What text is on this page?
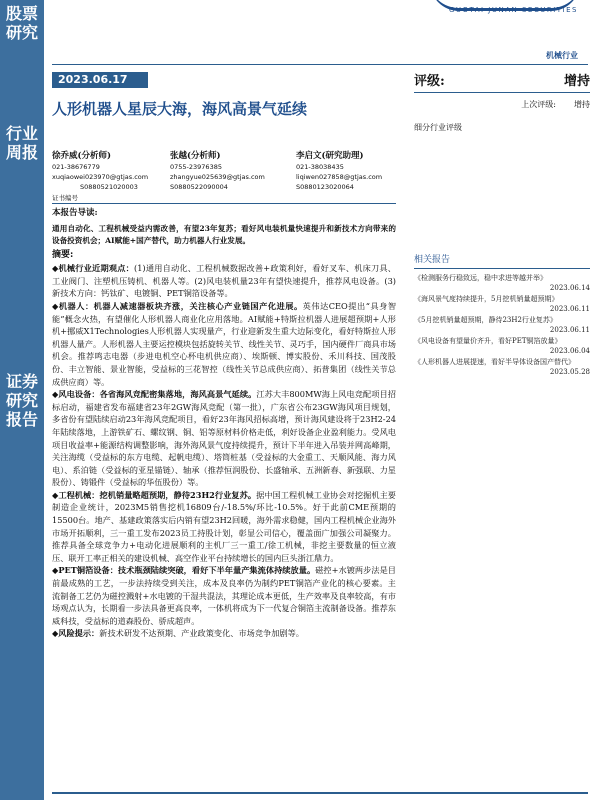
股票研究
行业周报
证券研究报告
GUOTAI JUNAN SECURITIES
机械行业
2023.06.17
人形机器人星辰大海，海风高景气延续
评级:	增持
上次评级: 增持
细分行业评级
徐乔威(分析师)
021-38676779
xuqiaowei023970@gtjas.com
S0880521020003
张越(分析师)
0755-23976385
zhangyue025639@gtjas.com
S0880522090004
李启文(研究助理)
021-38038435
liqiwen027858@gtjas.com
S0880123020064
证书编号
本报告导读:
通用自动化、工程机械受益内需改善，有望23年复苏；看好风电装机量快速提升和新技术方向带来的设备投资机会；AI赋能+国产替代，助力机器人行业发展。
摘要:
◆机械行业近期观点：(1)通用自动化、工程机械数据改善+政策利好，看好叉车、机床刀具、工业阀门、注塑机压铸机、机器人等。(2)风电装机量23年有望快速提升，推荐风电设备。(3)新技术方向：钙钛矿、电镀铜、PET铜箔设备等。
◆机器人：机器人减速器板块齐涨，关注核心产业链国产化进展。英伟达CEO提出“具身智能”概念火热，有望催化人形机器人商业化应用落地。AI赋能+特斯拉机器人进展超预期+人形机+挪威X1Technologies人形机器人实现量产，行业迎新发生重大边际变化，看好特斯拉人形机器人量产。人形机器人主要运控模块包括旋转关节、线性关节、灵巧手，国内硬件厂商具市场机会。推荐鸣志电器（步进电机空心杯电机供应商）、埃斯顿、博实股份、禾川科技、国茂股份、丰立智能、景业智能，受益标的三花智控（线性关节总成供应商）、拓普集团（线性关节总成供应商）等。
◆风电设备：各省海风竞配密集落地，海风高景气延续。江苏大丰800MW海上风电竞配项目招标启动，福建省发布福建省23年2GW海风竞配（第一批），广东省公布23GW海风项目规划，多省份有望陆续启动23年海风竞配项目，看好23年海风招标高增，预计海风建设将于23H2-24年陆续落地，上游铁矿石、螺纹钢、铜、铝等原材料价格走低，利好设备企业盈利能力。受风电项目收益率+能源结构调整影响，海外海风景气度持续提升，预计下半年进入吊装并网高峰期，关注海缆（受益标的东方电缆、起帆电缆）、塔筒桩基（受益标的大金重工、天顺风能、海力风电）、系泊链（受益标的亚星锚链）、轴承（推荐恒润股份、长盛轴承、五洲新春、新强联、力星股份）、铸锻件（受益标的华伍股份）等。
◆工程机械：挖机销量略超预期，静待23H2行业复苏。据中国工程机械工业协会对挖掘机主要制造企业统计，2023M5销售挖机16809台/-18.5%/环比-10.5%。好于此前CME预期的15500台。地产、基建政策落实后内销有望23H2回暖，海外需求稳健，国内工程机械企业海外市场开拓顺利，三一重工发布2023员工持股计划，彰显公司信心，覆盖面广加强公司凝聚力。推荐具备全球竞争力+电动化进展顺利的主机厂三一重工/徐工机械，非挖主要数量的恒立液压、联开工率正相关的建设机械、高空作业平台持续增长的国内巨头浙江鼎力。
◆PET铜箔设备：技术瓶颈陆续突破，看好下半年量产集流体持续放量。磁控+水镀两步法是目前最成熟的工艺，一步法持续受到关注，成本及良率仍为制约PET铜箔产业化的核心要素。主流制备工艺仍为磁控溅射+水电镀的干湿共混法，其理论成本更低，生产效率及良率较高，有市场观点认为，长期看一步法具备更高良率，一体机将成为下一代复合铜箔主流制备设备。推荐东威科技，受益标的道森股份、骄成超声。
◆风险提示：新技术研发不达预期、产业政策变化、市场竞争加剧等。
相关报告
《检测服务行稳致远，稳中求进等越并举》
2023.06.14
《海风景气度持续提升，5月挖机销量超预期》
2023.06.11
《5月挖机销量超预期，静待23H2行业复苏》
2023.06.11
《风电设备有望量价齐升，看好PET铜箔放量》
2023.06.04
《人形机器人进展提速，看好半导体设备国产替代》
2023.05.28
